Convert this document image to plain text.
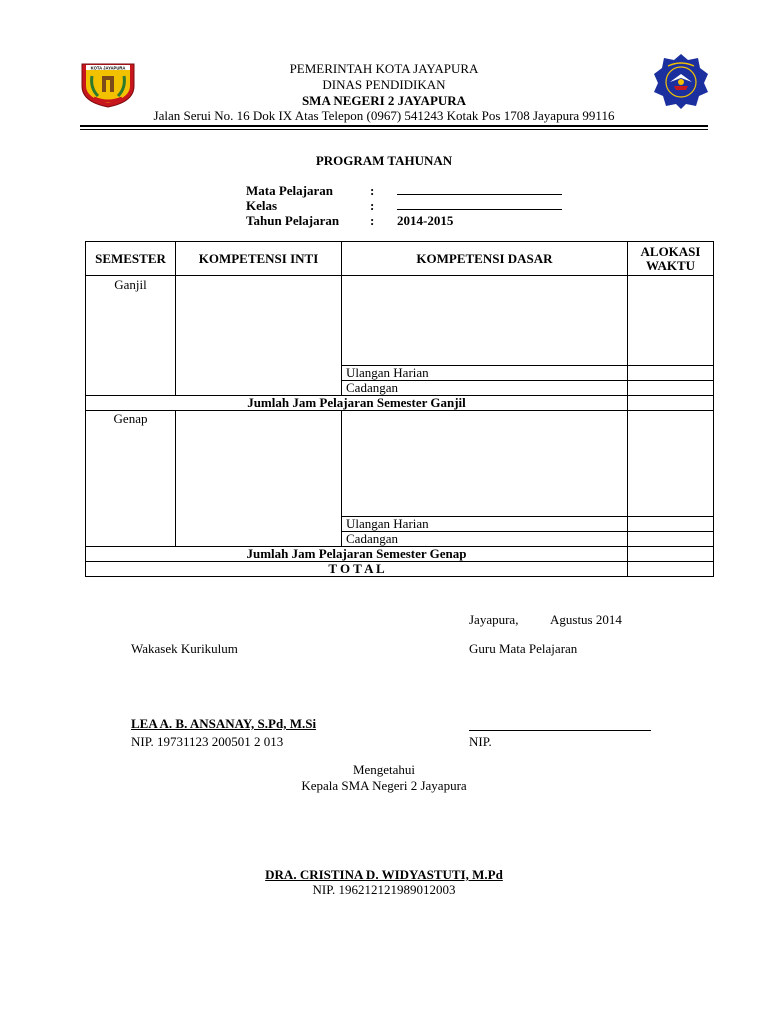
KOTA JAYAPURA	PEMERINTAH KOTA JAYAPURA
DINAS PENDIDIKAN
SMA NEGERI 2 JAYAPURA
Jalan Serui No. 16 Dok IX Atas Telepon (0967) 541243 Kotak Pos 1708 Jayapura 99116
PROGRAM TAHUNAN
Mata Pelajaran	:
Kelas	:
Tahun Pelajaran	:	2014-2015
SEMESTER	KOMPETENSI INTI	KOMPETENSI DASAR	ALOKASI WAKTU
Ganjil			
		Ulangan Harian	
		Cadangan	
Jumlah Jam Pelajaran Semester Ganjil			
Genap			
		Ulangan Harian	
		Cadangan	
Jumlah Jam Pelajaran Semester Genap			
T O T A L			
Jayapura, Agustus 2014
Wakasek Kurikulum	Guru Mata Pelajaran
LEA A. B. ANSANAY, S.Pd, M.Si
NIP. 19731123 200501 2 013	NIP.
Mengetahui
Kepala SMA Negeri 2 Jayapura
DRA. CRISTINA D. WIDYASTUTI, M.Pd
NIP. 196212121989012003
